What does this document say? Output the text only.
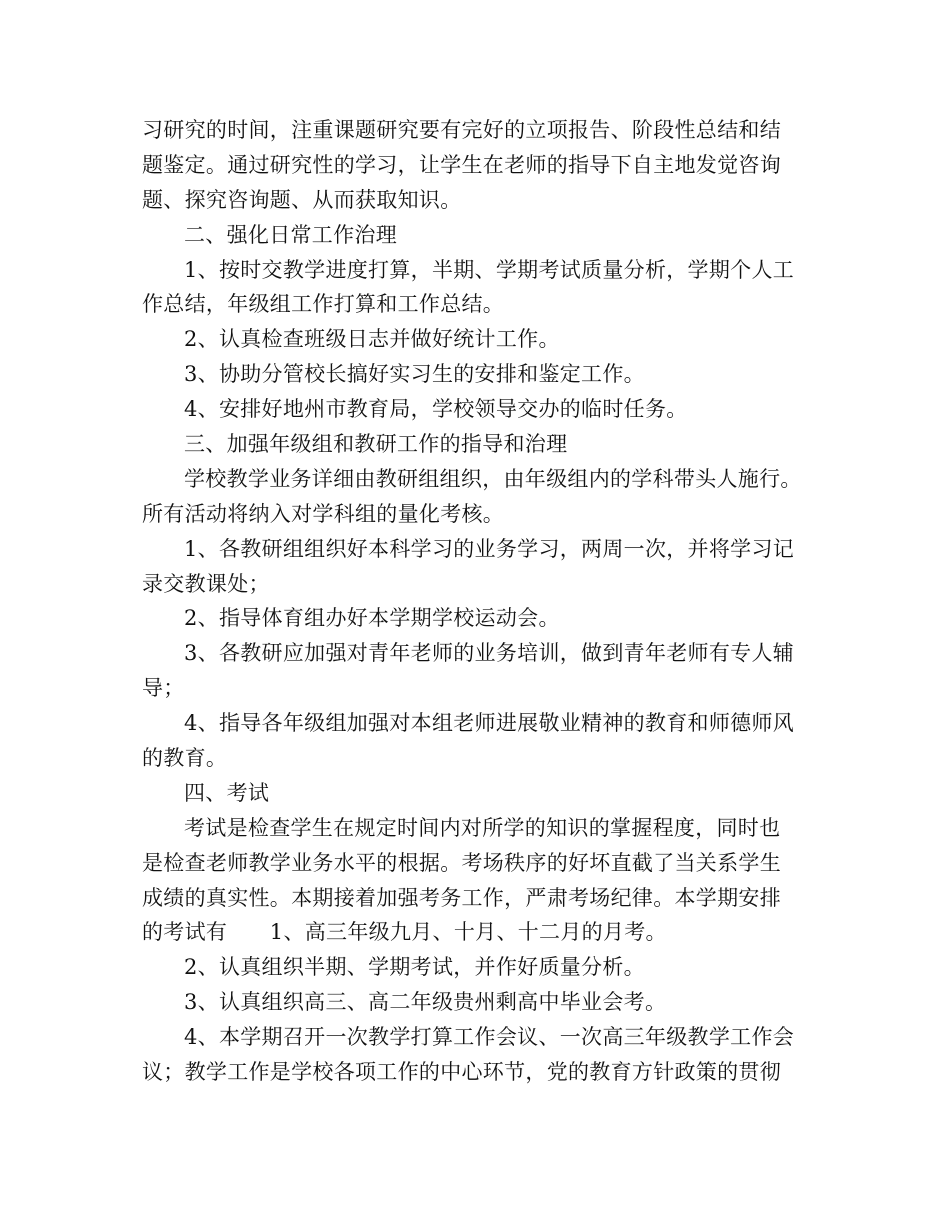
习研究的时间，注重课题研究要有完好的立项报告、阶段性总结和结
题鉴定。通过研究性的学习，让学生在老师的指导下自主地发觉咨询
题、探究咨询题、从而获取知识。
二、强化日常工作治理
1、按时交教学进度打算，半期、学期考试质量分析，学期个人工
作总结，年级组工作打算和工作总结。
2、认真检查班级日志并做好统计工作。
3、协助分管校长搞好实习生的安排和鉴定工作。
4、安排好地州市教育局，学校领导交办的临时任务。
三、加强年级组和教研工作的指导和治理
学校教学业务详细由教研组组织，由年级组内的学科带头人施行。
所有活动将纳入对学科组的量化考核。
1、各教研组组织好本科学习的业务学习，两周一次，并将学习记
录交教课处；
2、指导体育组办好本学期学校运动会。
3、各教研应加强对青年老师的业务培训，做到青年老师有专人辅
导；
4、指导各年级组加强对本组老师进展敬业精神的教育和师德师风
的教育。
四、考试
考试是检查学生在规定时间内对所学的知识的掌握程度，同时也
是检查老师教学业务水平的根据。考场秩序的好坏直截了当关系学生
成绩的真实性。本期接着加强考务工作，严肃考场纪律。本学期安排
的考试有　　1、高三年级九月、十月、十二月的月考。
2、认真组织半期、学期考试，并作好质量分析。
3、认真组织高三、高二年级贵州剩高中毕业会考。
4、本学期召开一次教学打算工作会议、一次高三年级教学工作会
议；教学工作是学校各项工作的中心环节，党的教育方针政策的贯彻
